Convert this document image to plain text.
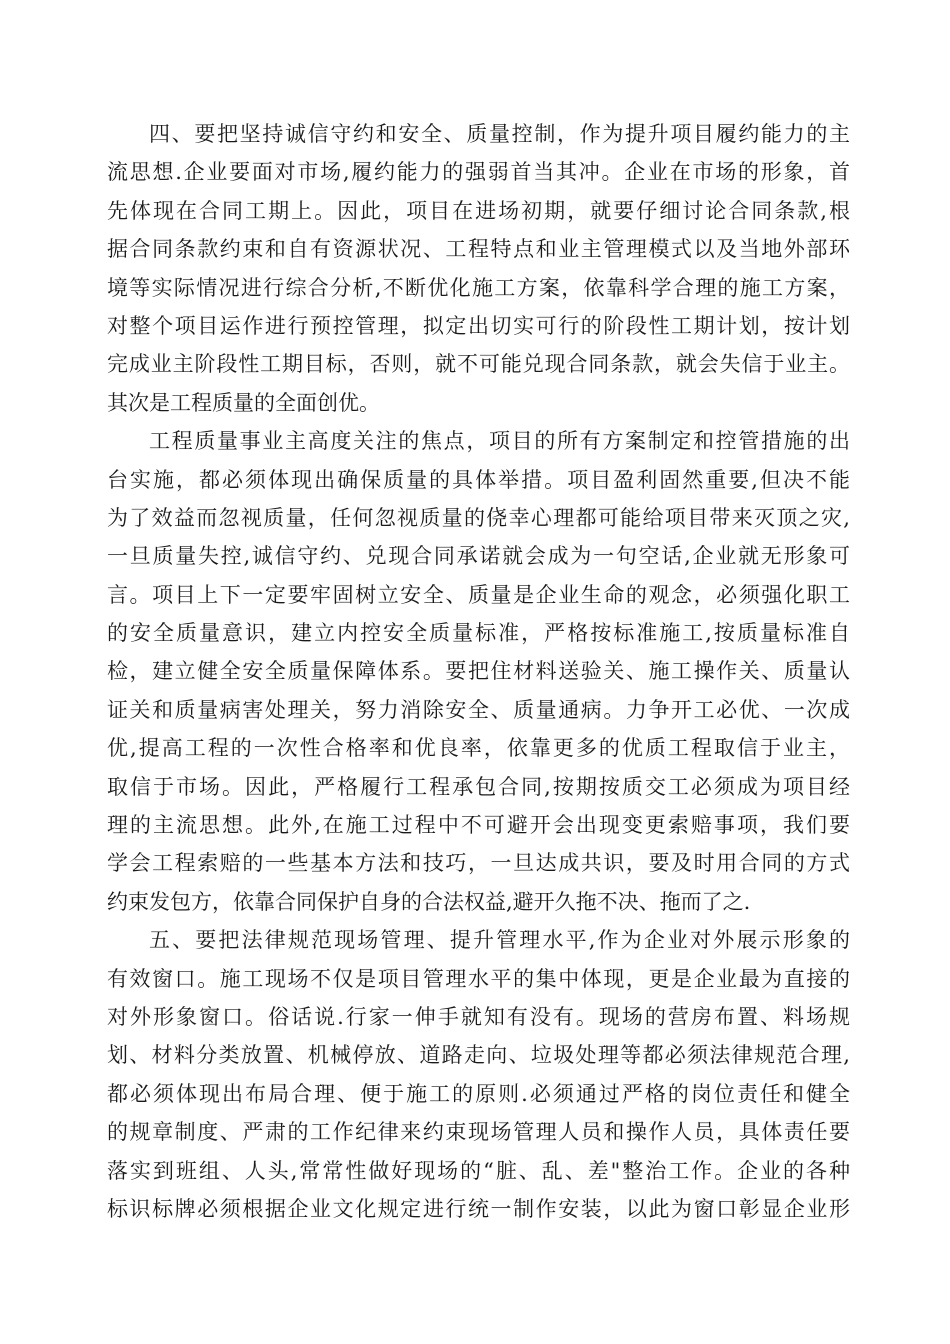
四、要把坚持诚信守约和安全、质量控制，作为提升项目履约能力的主
流思想.企业要面对市场,履约能力的强弱首当其冲。企业在市场的形象，首
先体现在合同工期上。因此，项目在进场初期，就要仔细讨论合同条款,根
据合同条款约束和自有资源状况、工程特点和业主管理模式以及当地外部环
境等实际情况进行综合分析,不断优化施工方案，依靠科学合理的施工方案，
对整个项目运作进行预控管理，拟定出切实可行的阶段性工期计划，按计划
完成业主阶段性工期目标，否则，就不可能兑现合同条款，就会失信于业主。
其次是工程质量的全面创优。
工程质量事业主高度关注的焦点，项目的所有方案制定和控管措施的出
台实施，都必须体现出确保质量的具体举措。项目盈利固然重要,但决不能
为了效益而忽视质量，任何忽视质量的侥幸心理都可能给项目带来灭顶之灾,
一旦质量失控,诚信守约、兑现合同承诺就会成为一句空话,企业就无形象可
言。项目上下一定要牢固树立安全、质量是企业生命的观念，必须强化职工
的安全质量意识，建立内控安全质量标准，严格按标准施工,按质量标准自
检，建立健全安全质量保障体系。要把住材料送验关、施工操作关、质量认
证关和质量病害处理关，努力消除安全、质量通病。力争开工必优、一次成
优,提高工程的一次性合格率和优良率，依靠更多的优质工程取信于业主，
取信于市场。因此，严格履行工程承包合同,按期按质交工必须成为项目经
理的主流思想。此外,在施工过程中不可避开会出现变更索赔事项，我们要
学会工程索赔的一些基本方法和技巧，一旦达成共识，要及时用合同的方式
约束发包方，依靠合同保护自身的合法权益,避开久拖不决、拖而了之.
五、要把法律规范现场管理、提升管理水平,作为企业对外展示形象的
有效窗口。施工现场不仅是项目管理水平的集中体现，更是企业最为直接的
对外形象窗口。俗话说.行家一伸手就知有没有。现场的营房布置、料场规
划、材料分类放置、机械停放、道路走向、垃圾处理等都必须法律规范合理,
都必须体现出布局合理、便于施工的原则.必须通过严格的岗位责任和健全
的规章制度、严肃的工作纪律来约束现场管理人员和操作人员，具体责任要
落实到班组、人头,常常性做好现场的“脏、乱、差"整治工作。企业的各种
标识标牌必须根据企业文化规定进行统一制作安装，以此为窗口彰显企业形
